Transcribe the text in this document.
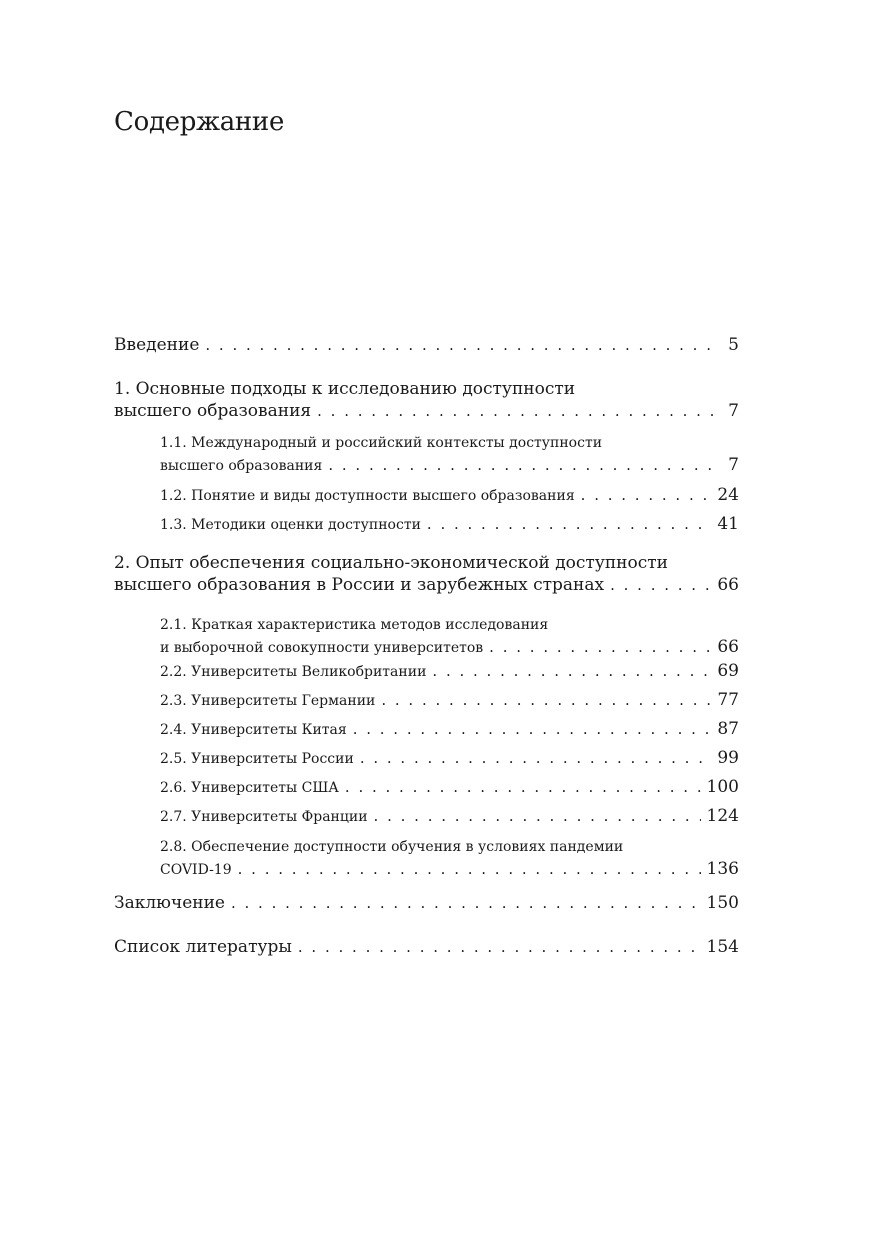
Содержание
Введение . . .	5
1. Основные подходы к исследованию доступности
высшего образования . . .	7
1.1. Международный и российский контексты доступности
высшего образования . . .	7
1.2. Понятие и виды доступности высшего образования . . .	24
1.3. Методики оценки доступности . . .	41
2. Опыт обеспечения социально-экономической доступности
высшего образования в России и зарубежных странах . . .	66
2.1. Краткая характеристика методов исследования
и выборочной совокупности университетов . . .	66
2.2. Университеты Великобритании . . .	69
2.3. Университеты Германии . . .	77
2.4. Университеты Китая . . .	87
2.5. Университеты России . . .	99
2.6. Университеты США . . .	100
2.7. Университеты Франции . . .	124
2.8. Обеспечение доступности обучения в условиях пандемии
COVID-19 . . .	136
Заключение . . .	150
Список литературы . . .	154
